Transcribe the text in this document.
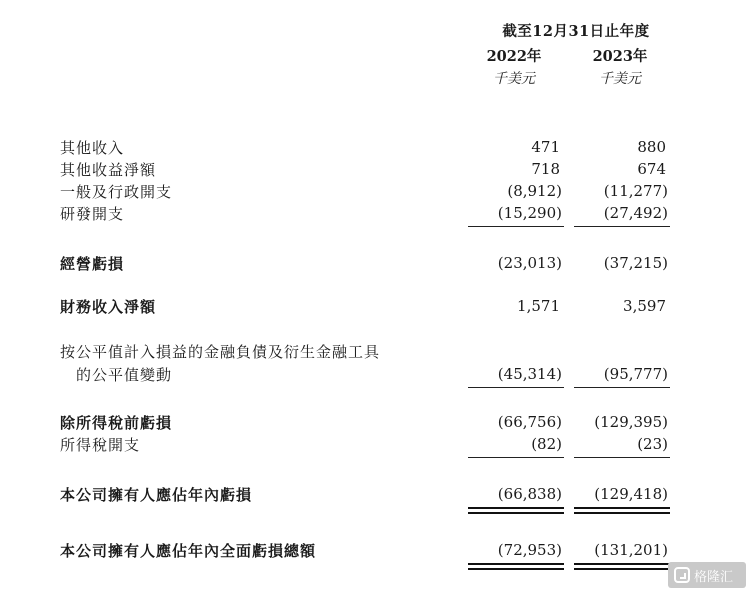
截至12月31日止年度
2022年	2023年
千美元	千美元
其他收入	471	880
其他收益淨額	718	674
一般及行政開支	(8,912)	(11,277)
研發開支	(15,290)	(27,492)
經營虧損	(23,013)	(37,215)
財務收入淨額	1,571	3,597
按公平值計入損益的金融負債及衍生金融工具
的公平值變動	(45,314)	(95,777)
除所得稅前虧損	(66,756)	(129,395)
所得稅開支	(82)	(23)
本公司擁有人應佔年內虧損	(66,838)	(129,418)
本公司擁有人應佔年內全面虧損總額	(72,953)	(131,201)
格隆汇
